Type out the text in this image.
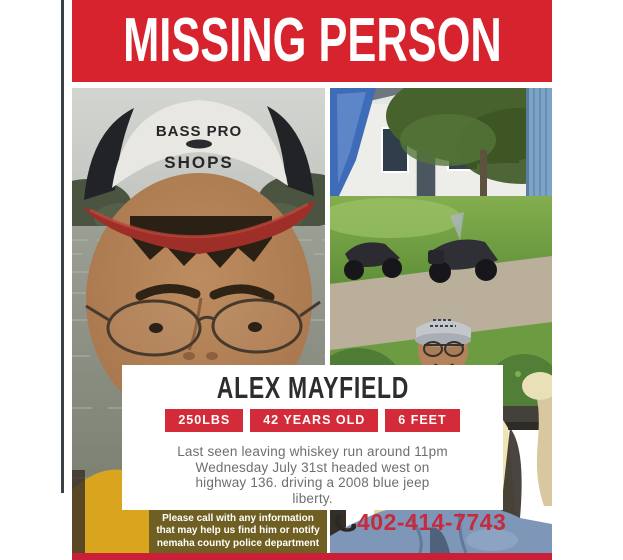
MISSING PERSON
BASS PRO
SHOPS
ALEX MAYFIELD
250LBS	42 YEARS OLD	6 FEET
Last seen leaving whiskey run around 11pm
Wednesday July 31st headed west on
highway 136. driving a 2008 blue jeep
liberty.
Please call with any information
that may help us find him or notify
nemaha county police department
402-414-7743
